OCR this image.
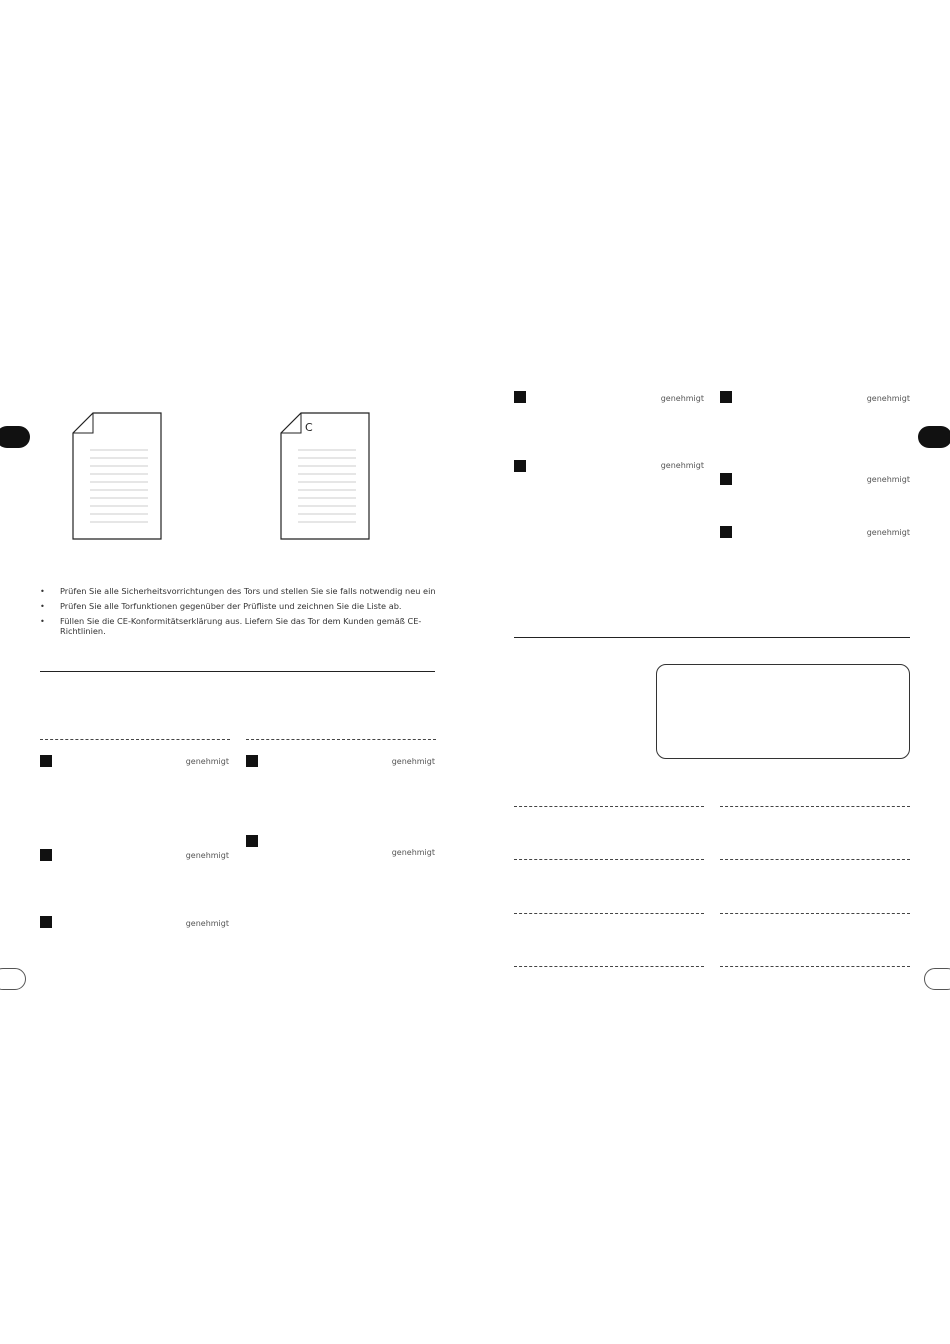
C
• Prüfen Sie alle Sicherheitsvorrichtungen des Tors und stellen Sie sie falls notwendig neu ein
• Prüfen Sie alle Torfunktionen gegenüber der Prüfliste und zeichnen Sie die Liste ab.
• Füllen Sie die CE-Konformitätserklärung aus. Liefern Sie das Tor dem Kunden gemäß CE-Richtlinien.
genehmigt
genehmigt
genehmigt
genehmigt
genehmigt
genehmigt
genehmigt
genehmigt
genehmigt
genehmigt
